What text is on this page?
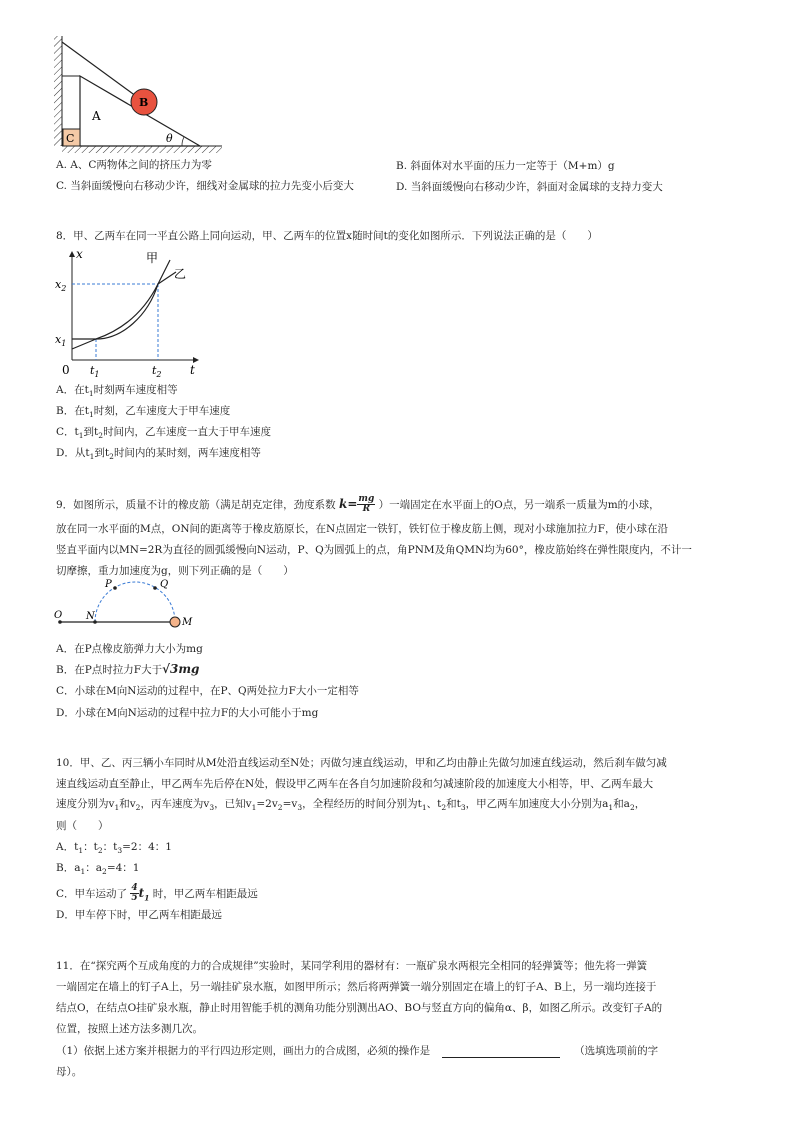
A
B
C	θ
A. A、C两物体之间的挤压力为零	B. 斜面体对水平面的压力一定等于（M+m）g
C. 当斜面缓慢向右移动少许，细线对金属球的拉力先变小后变大	D. 当斜面缓慢向右移动少许，斜面对金属球的支持力变大
8．甲、乙两车在同一平直公路上同向运动，甲、乙两车的位置x随时间t的变化如图所示．下列说法正确的是（　　）
x
t
0
$x_2$
$x_1$
$t_1$	$t_2$
甲
乙
A．在$t_1$时刻两车速度相等
B．在$t_1$时刻，乙车速度大于甲车速度
C．$t_1$到$t_2$时间内，乙车速度一直大于甲车速度
D．从$t_1$到$t_2$时间内的某时刻，两车速度相等
9．如图所示，质量不计的橡皮筋（满足胡克定律，劲度系数 $k= \frac{mg}{R}$ ）一端固定在水平面上的O点，另一端系一质量为m的小球，
放在同一水平面的M点，ON间的距离等于橡皮筋原长，在N点固定一铁钉，铁钉位于橡皮筋上侧，现对小球施加拉力F，使小球在沿
竖直平面内以MN=2R为直径的圆弧缓慢向N运动，P、Q为圆弧上的点，角PNM及角QMN均为60°，橡皮筋始终在弹性限度内，不计一
切摩擦，重力加速度为g，则下列正确的是（　　）
O N
M
P	Q
A．在P点橡皮筋弹力大小为mg
B．在P点时拉力F大于√3mg
C．小球在M向N运动的过程中，在P、Q两处拉力F大小一定相等
D．小球在M向N运动的过程中拉力F的大小可能小于mg
10．甲、乙、丙三辆小车同时从M处沿直线运动至N处；丙做匀速直线运动，甲和乙均由静止先做匀加速直线运动，然后刹车做匀减
速直线运动直至静止，甲乙两车先后停在N处，假设甲乙两车在各自匀加速阶段和匀减速阶段的加速度大小相等，甲、乙两车最大
速度分别为$v_1$和$v_2$，丙车速度为$v_3$，已知$v_1=2v_2=v_3$，全程经历的时间分别为$t_1$、$t_2$和$t_3$，甲乙两车加速度大小分别为$a_1$和$a_2$，
则（　　）
A．$t_1$：$t_2$：$t_3=2$：4：1
B．$a_1$：$a_2=4$：1
C．甲车运动了 $\frac{4}{5} t_1$ 时，甲乙两车相距最远
D．甲车停下时，甲乙两车相距最远
11．在“探究两个互成角度的力的合成规律”实验时，某同学利用的器材有：一瓶矿泉水两根完全相同的轻弹簧等；他先将一弹簧
一端固定在墙上的钉子A上，另一端挂矿泉水瓶，如图甲所示；然后将两弹簧一端分别固定在墙上的钉子A、B上，另一端均连接于
结点O，在结点O挂矿泉水瓶，静止时用智能手机的测角功能分别测出AO、BO与竖直方向的偏角α、β，如图乙所示。改变钉子A的
位置，按照上述方法多测几次。
（1）依据上述方案并根据力的平行四边形定则，画出力的合成图，必须的操作是	（选填选项前的字
母）。
